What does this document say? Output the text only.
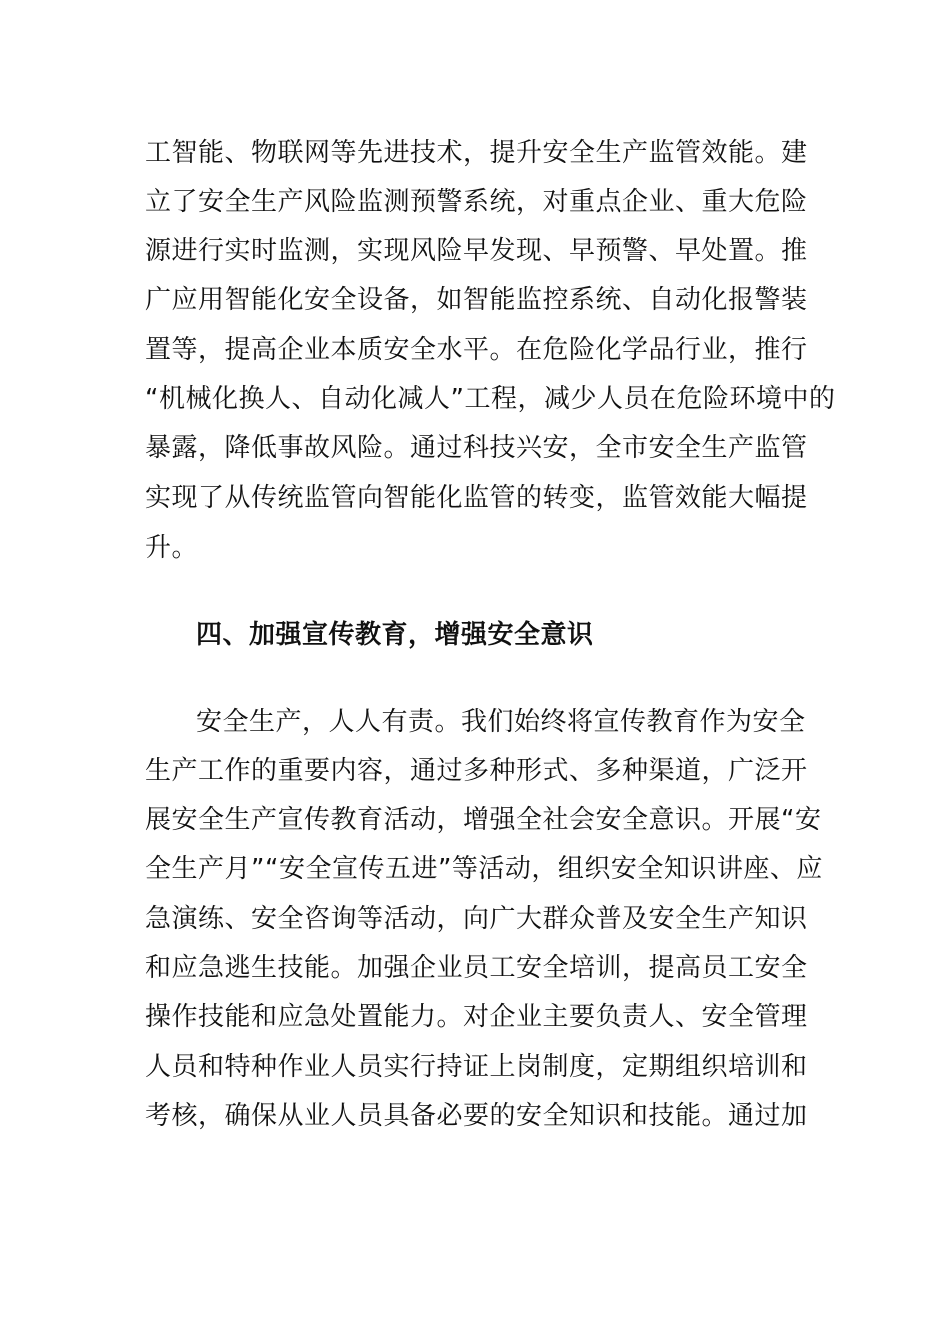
工智能、物联网等先进技术，提升安全生产监管效能。建
立了安全生产风险监测预警系统，对重点企业、重大危险
源进行实时监测，实现风险早发现、早预警、早处置。推
广应用智能化安全设备，如智能监控系统、自动化报警装
置等，提高企业本质安全水平。在危险化学品行业，推行
“机械化换人、自动化减人”工程，减少人员在危险环境中的
暴露，降低事故风险。通过科技兴安，全市安全生产监管
实现了从传统监管向智能化监管的转变，监管效能大幅提
升。
四、加强宣传教育，增强安全意识
安全生产，人人有责。我们始终将宣传教育作为安全
生产工作的重要内容，通过多种形式、多种渠道，广泛开
展安全生产宣传教育活动，增强全社会安全意识。开展“安
全生产月”“安全宣传五进”等活动，组织安全知识讲座、应
急演练、安全咨询等活动，向广大群众普及安全生产知识
和应急逃生技能。加强企业员工安全培训，提高员工安全
操作技能和应急处置能力。对企业主要负责人、安全管理
人员和特种作业人员实行持证上岗制度，定期组织培训和
考核，确保从业人员具备必要的安全知识和技能。通过加
